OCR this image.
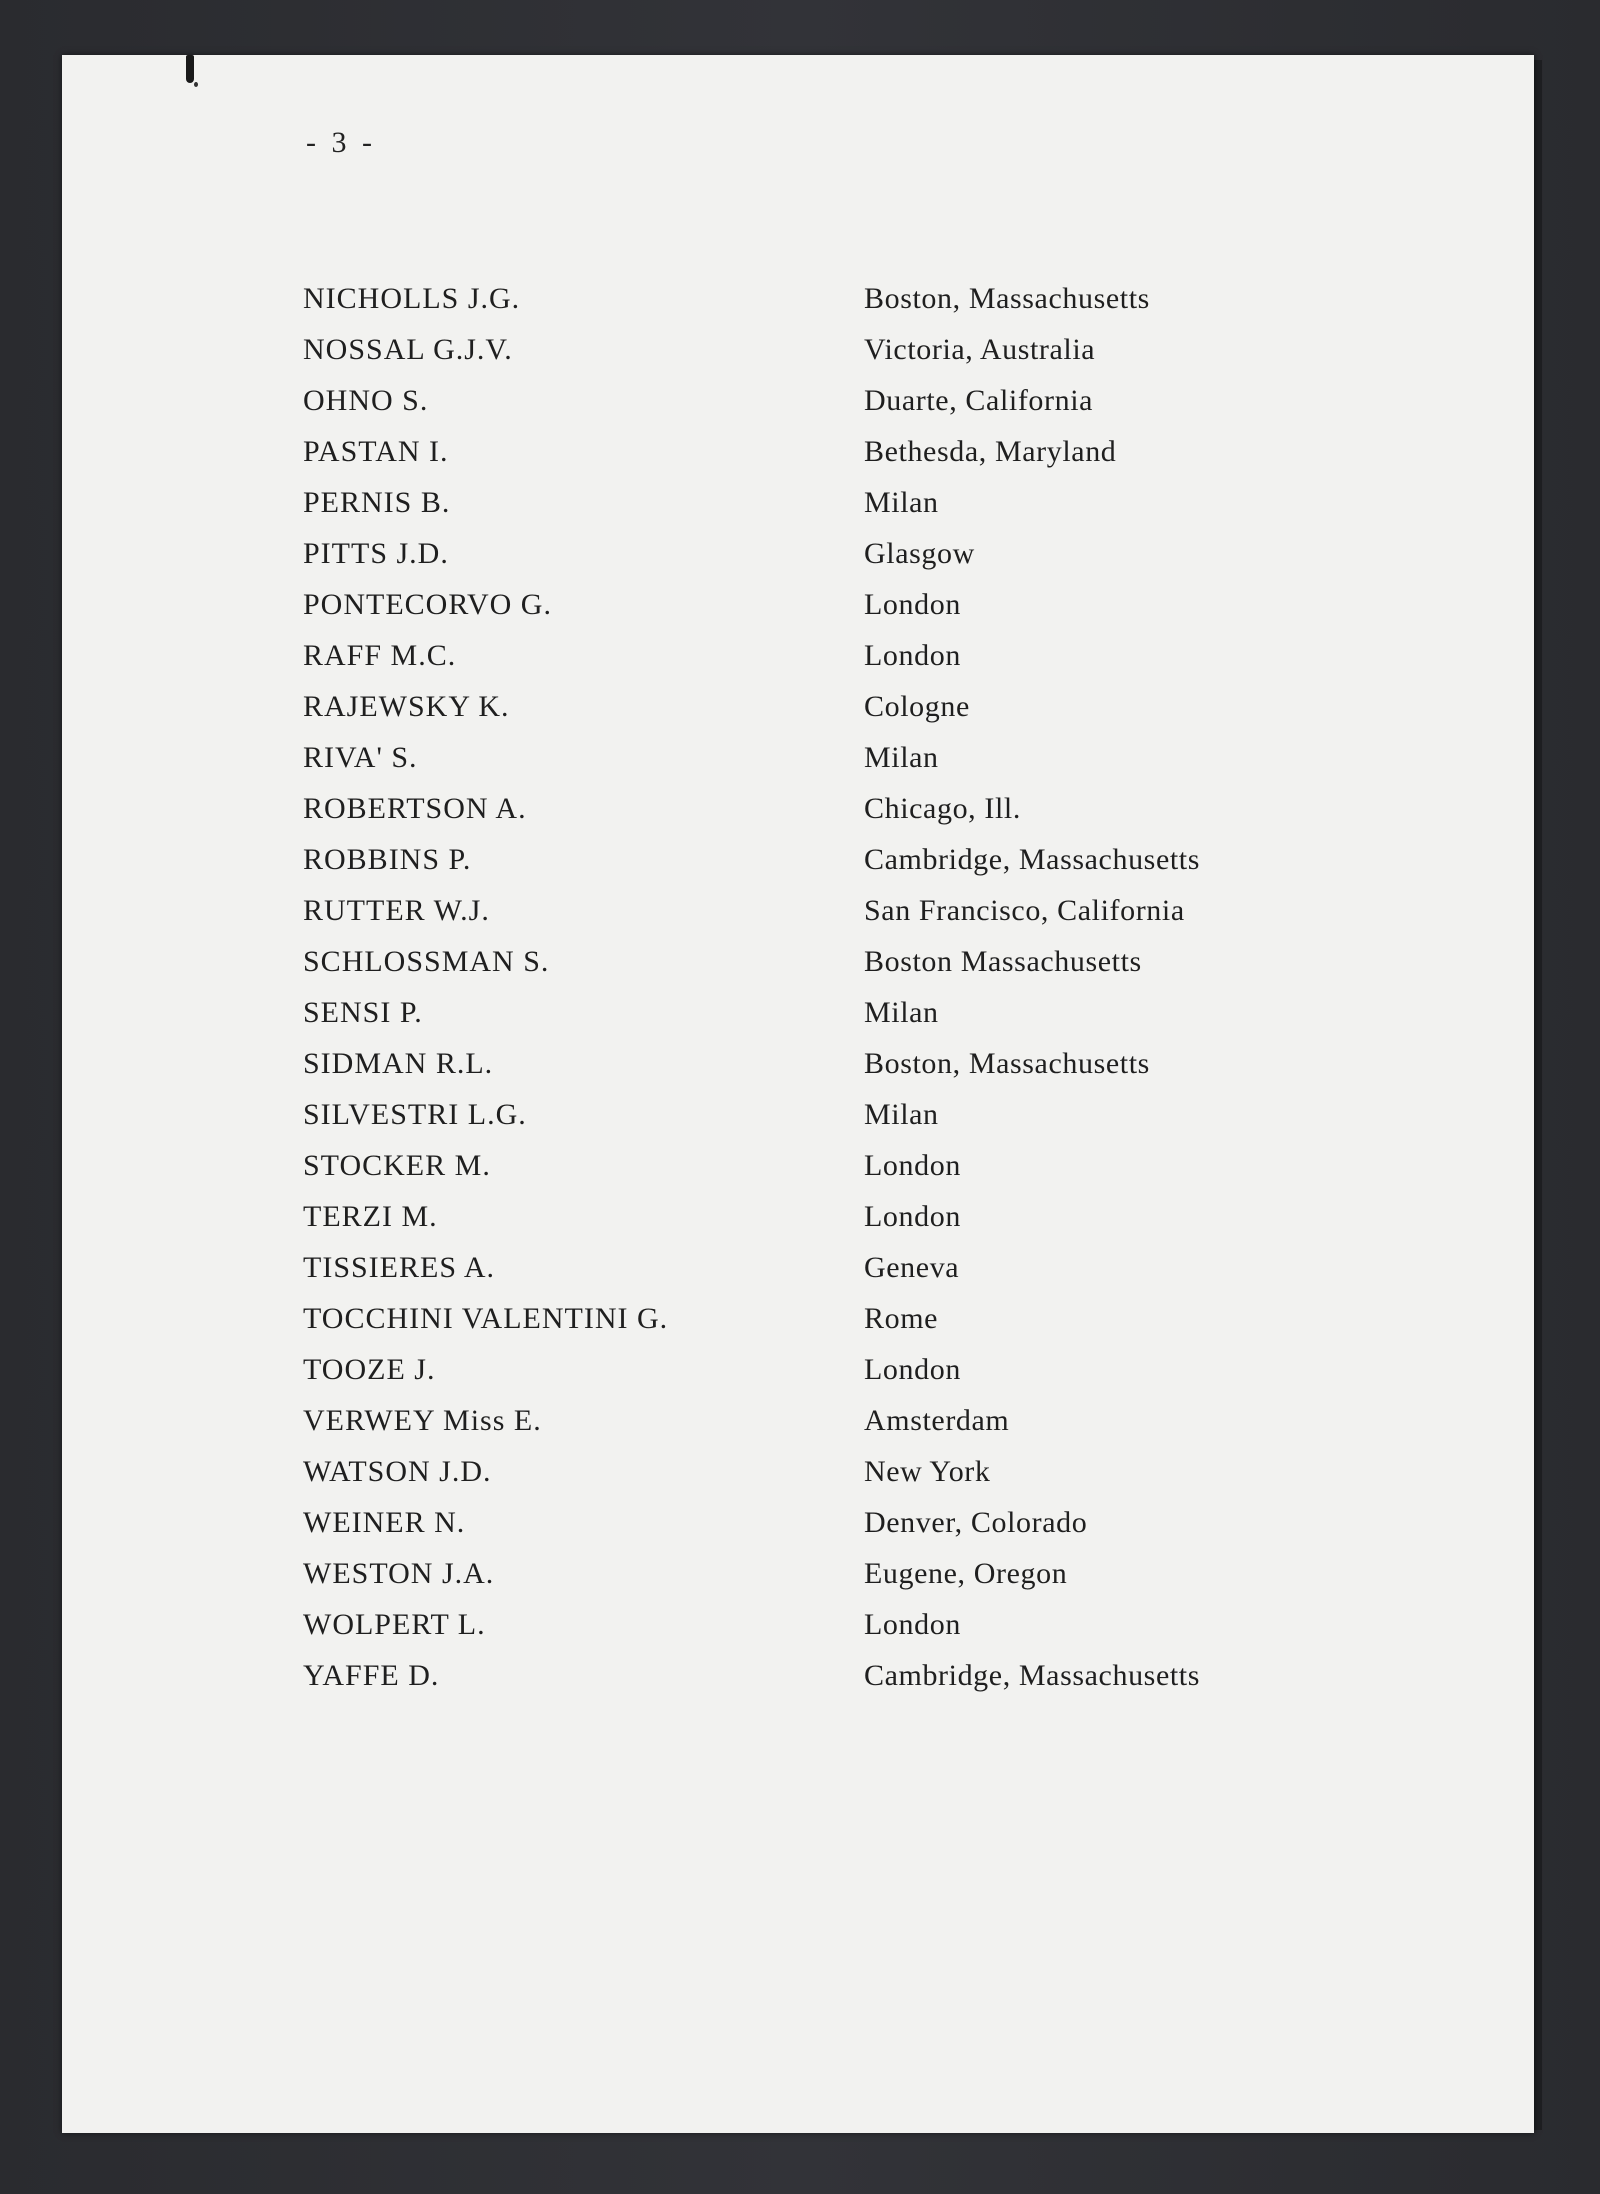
- 3 -
NICHOLLS J.G.	Boston, Massachusetts
NOSSAL G.J.V.	Victoria, Australia
OHNO S.	Duarte, California
PASTAN I.	Bethesda, Maryland
PERNIS B.	Milan
PITTS J.D.	Glasgow
PONTECORVO G.	London
RAFF M.C.	London
RAJEWSKY K.	Cologne
RIVA' S.	Milan
ROBERTSON A.	Chicago, Ill.
ROBBINS P.	Cambridge, Massachusetts
RUTTER W.J.	San Francisco, California
SCHLOSSMAN S.	Boston Massachusetts
SENSI P.	Milan
SIDMAN R.L.	Boston, Massachusetts
SILVESTRI L.G.	Milan
STOCKER M.	London
TERZI M.	London
TISSIERES A.	Geneva
TOCCHINI VALENTINI G.	Rome
TOOZE J.	London
VERWEY Miss E.	Amsterdam
WATSON J.D.	New York
WEINER N.	Denver, Colorado
WESTON J.A.	Eugene, Oregon
WOLPERT L.	London
YAFFE D.	Cambridge, Massachusetts
